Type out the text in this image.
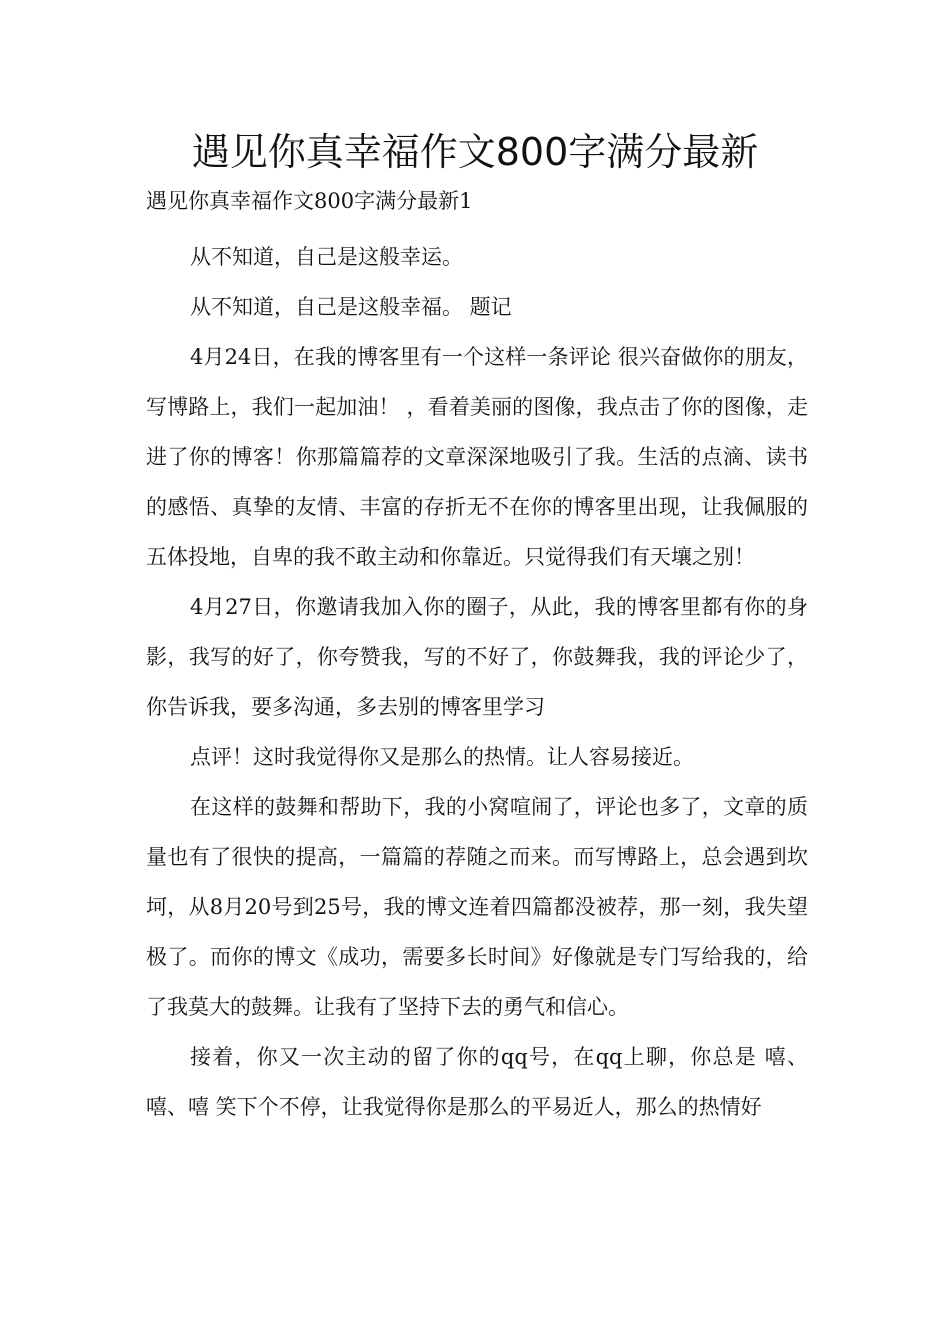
遇见你真幸福作文800字满分最新

遇见你真幸福作文800字满分最新1

从不知道，自己是这般幸运。

从不知道，自己是这般幸福。 题记

4月24日，在我的博客里有一个这样一条评论 很兴奋做你的朋友，写博路上，我们一起加油！ ，看着美丽的图像，我点击了你的图像，走进了你的博客！你那篇篇荐的文章深深地吸引了我。生活的点滴、读书的感悟、真挚的友情、丰富的存折无不在你的博客里出现，让我佩服的五体投地，自卑的我不敢主动和你靠近。只觉得我们有天壤之别！

4月27日，你邀请我加入你的圈子，从此，我的博客里都有你的身影，我写的好了，你夸赞我，写的不好了，你鼓舞我，我的评论少了，你告诉我，要多沟通，多去别的博客里学习

点评！这时我觉得你又是那么的热情。让人容易接近。

在这样的鼓舞和帮助下，我的小窝喧闹了，评论也多了，文章的质量也有了很快的提高，一篇篇的荐随之而来。而写博路上，总会遇到坎坷，从8月20号到25号，我的博文连着四篇都没被荐，那一刻，我失望极了。而你的博文《成功，需要多长时间》好像就是专门写给我的，给了我莫大的鼓舞。让我有了坚持下去的勇气和信心。

接着，你又一次主动的留了你的qq号，在qq上聊，你总是 嘻、嘻、嘻 笑下个不停，让我觉得你是那么的平易近人，那么的热情好
